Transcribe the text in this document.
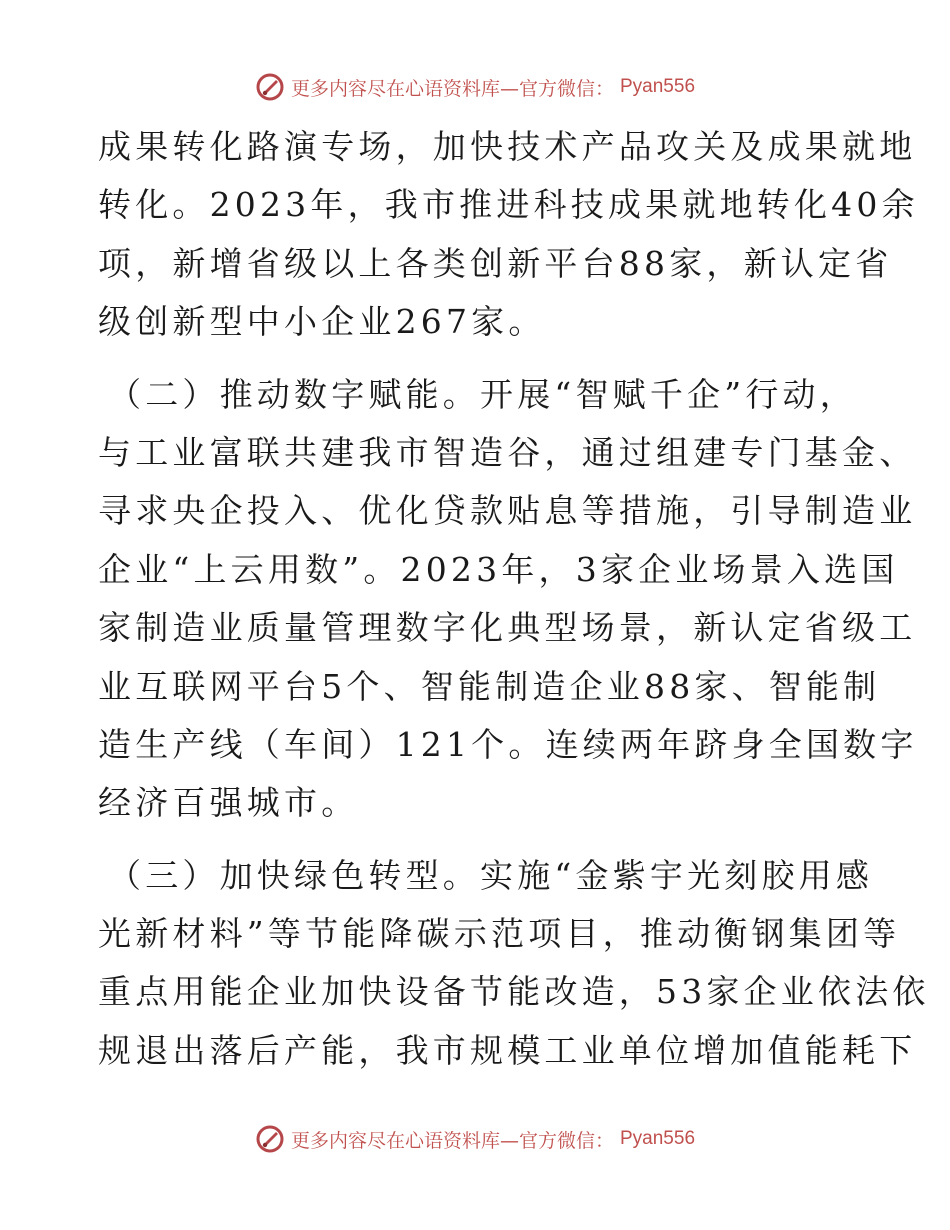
更多内容尽在心语资料库—官方微信： Pyan556

成果转化路演专场，加快技术产品攻关及成果就地
转化。2023年，我市推进科技成果就地转化40余
项，新增省级以上各类创新平台88家，新认定省
级创新型中小企业267家。

（二）推动数字赋能。开展“智赋千企”行动，
与工业富联共建我市智造谷，通过组建专门基金、
寻求央企投入、优化贷款贴息等措施，引导制造业
企业“上云用数”。2023年，3家企业场景入选国
家制造业质量管理数字化典型场景，新认定省级工
业互联网平台5个、智能制造企业88家、智能制
造生产线（车间）121个。连续两年跻身全国数字
经济百强城市。

（三）加快绿色转型。实施“金紫宇光刻胶用感
光新材料”等节能降碳示范项目，推动衡钢集团等
重点用能企业加快设备节能改造，53家企业依法依
规退出落后产能，我市规模工业单位增加值能耗下

更多内容尽在心语资料库—官方微信： Pyan556
